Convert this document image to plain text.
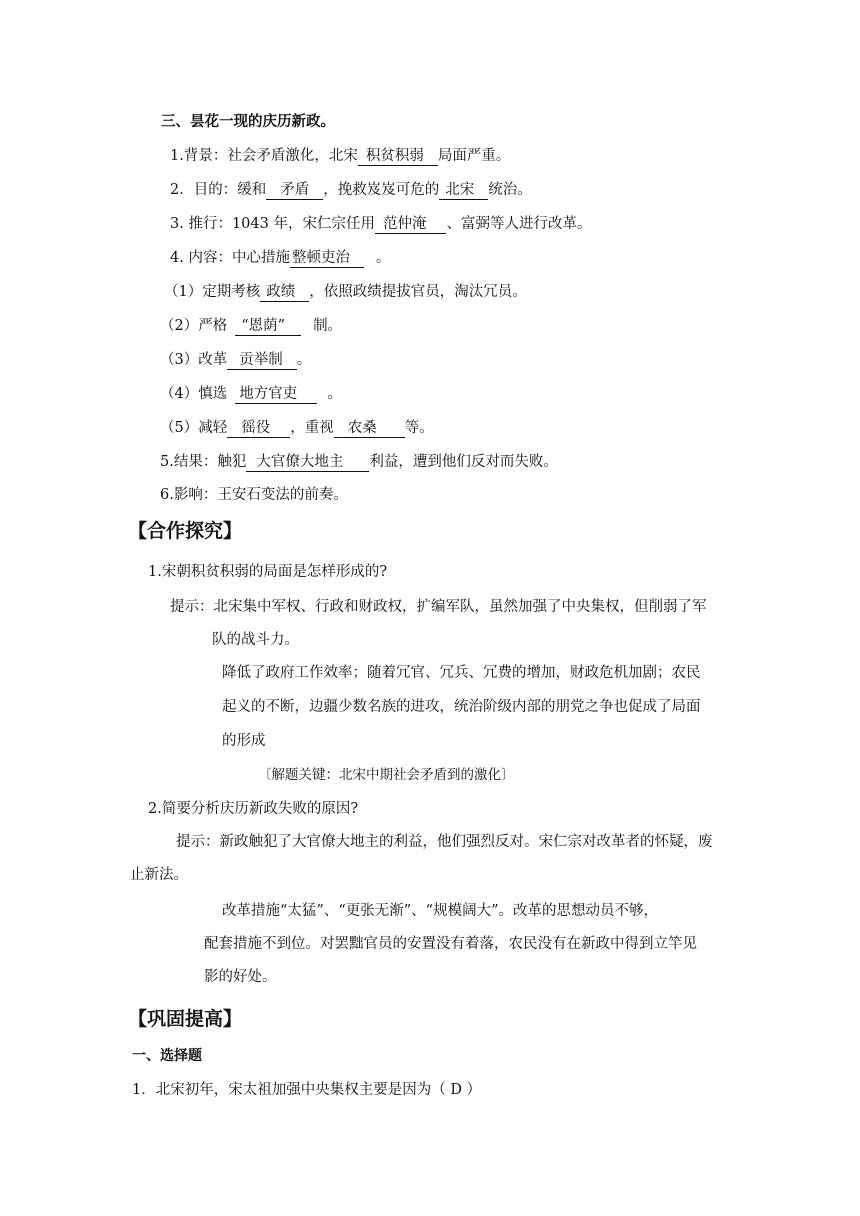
三、昙花一现的庆历新政。
1.背景：社会矛盾激化，北宋 积贫积弱 局面严重。
2．目的：缓和 矛盾 ，挽救岌岌可危的 北宋 统治。
3. 推行：1043 年，宋仁宗任用 范仲淹 、富弼等人进行改革。
4. 内容：中心措施 整顿吏治 。
（1）定期考核 政绩 ，依照政绩提拔官员，淘汰冗员。
（2）严格 “恩荫” 制。
（3）改革 贡举制 。
（4）慎选 地方官吏 。
（5）减轻 徭役 ，重视 农桑 等。
5.结果：触犯 大官僚大地主 利益，遭到他们反对而失败。
6.影响：王安石变法的前奏。
【合作探究】
1.宋朝积贫积弱的局面是怎样形成的?
提示：北宋集中军权、行政和财政权，扩编军队，虽然加强了中央集权，但削弱了军
队的战斗力。
降低了政府工作效率；随着冗官、冗兵、冗费的增加，财政危机加剧；农民
起义的不断，边疆少数名族的进攻，统治阶级内部的朋党之争也促成了局面
的形成
〔解题关键：北宋中期社会矛盾到的激化〕
2.简要分析庆历新政失败的原因?
提示：新政触犯了大官僚大地主的利益，他们强烈反对。宋仁宗对改革者的怀疑，废
止新法。
改革措施“太猛”、“更张无渐”、“规模阔大”。改革的思想动员不够，
配套措施不到位。对罢黜官员的安置没有着落，农民没有在新政中得到立竿见
影的好处。
【巩固提高】
一、选择题
1．北宋初年，宋太祖加强中央集权主要是因为（ D ）
